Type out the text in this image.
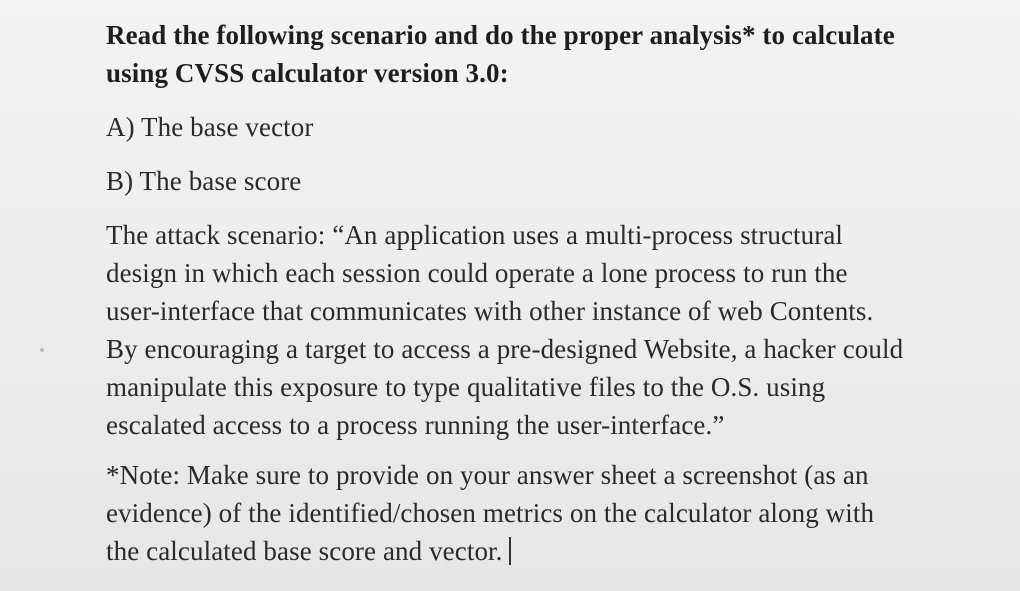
Read the following scenario and do the proper analysis* to calculate
using CVSS calculator version 3.0:
A) The base vector
B) The base score
The attack scenario: “An application uses a multi-process structural
design in which each session could operate a lone process to run the
user-interface that communicates with other instance of web Contents.
By encouraging a target to access a pre-designed Website, a hacker could
manipulate this exposure to type qualitative files to the O.S. using
escalated access to a process running the user-interface.”
*Note: Make sure to provide on your answer sheet a screenshot (as an
evidence) of the identified/chosen metrics on the calculator along with
the calculated base score and vector.
